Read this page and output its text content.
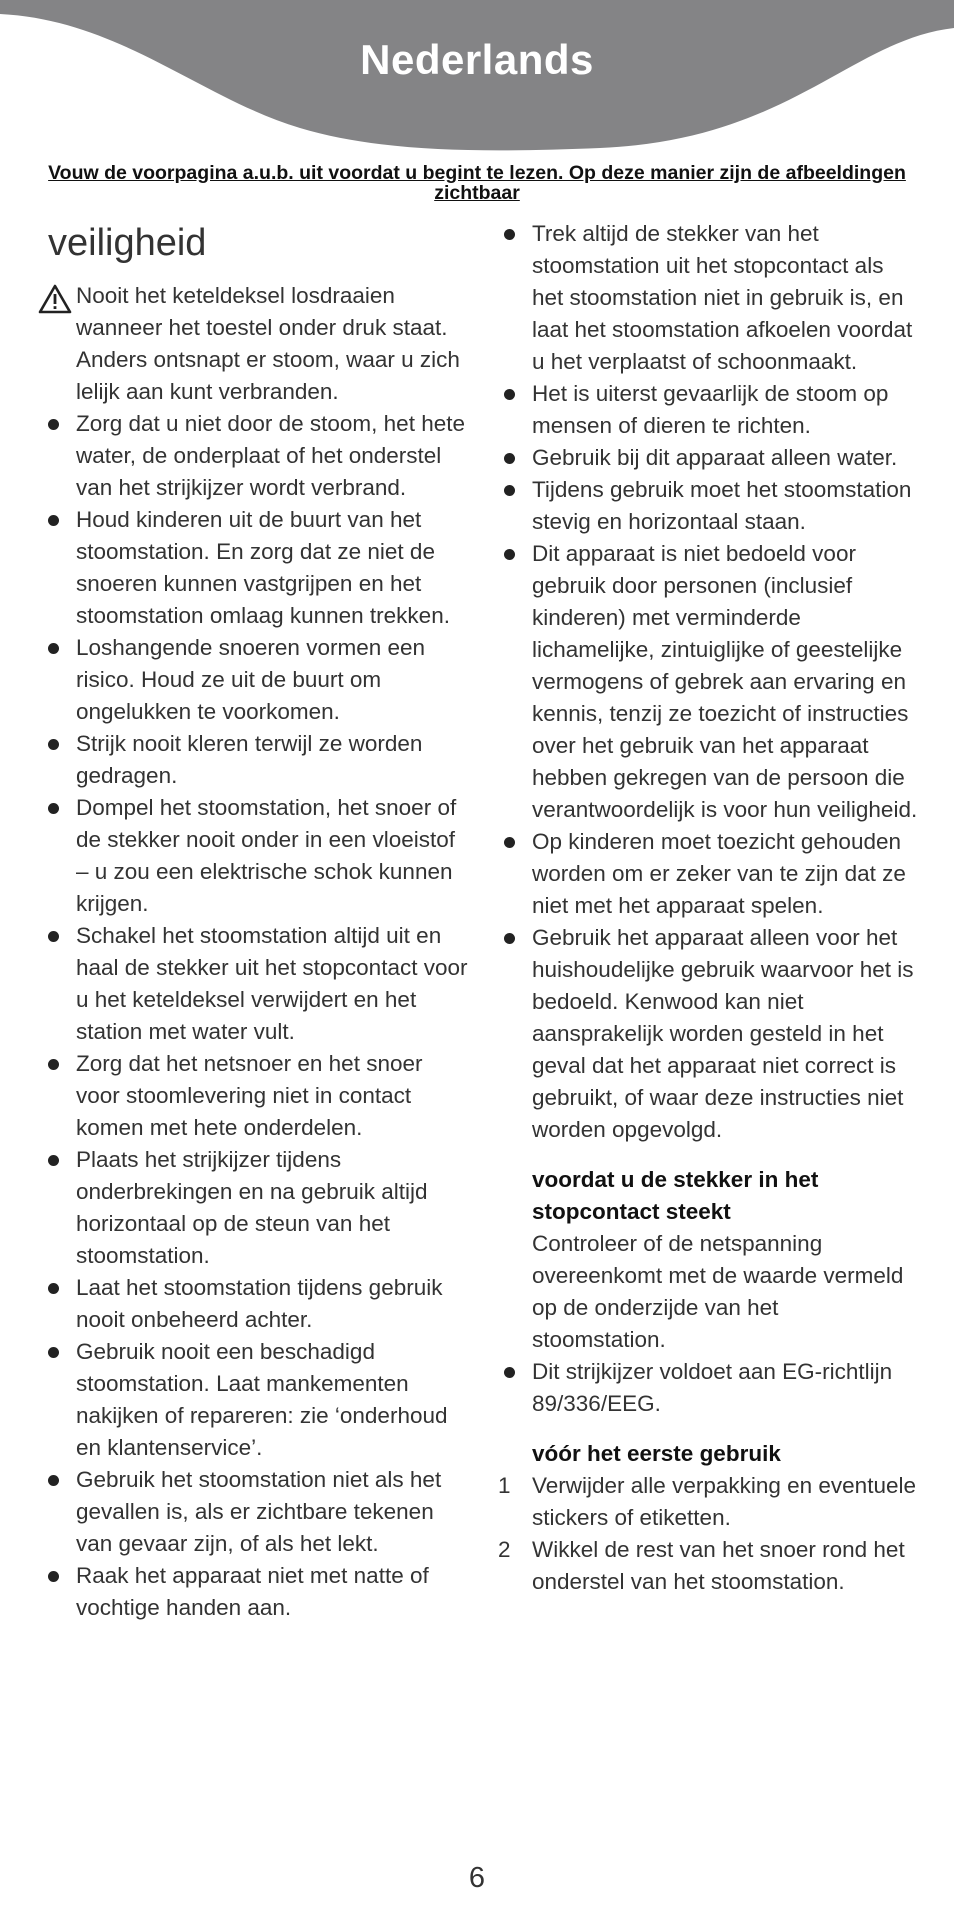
Nederlands
Vouw de voorpagina a.u.b. uit voordat u begint te lezen. Op deze manier zijn de afbeeldingen zichtbaar
veiligheid
Nooit het keteldeksel losdraaien wanneer het toestel onder druk staat. Anders ontsnapt er stoom, waar u zich lelijk aan kunt verbranden.
Zorg dat u niet door de stoom, het hete water, de onderplaat of het onderstel van het strijkijzer wordt verbrand.
Houd kinderen uit de buurt van het stoomstation. En zorg dat ze niet de snoeren kunnen vastgrijpen en het stoomstation omlaag kunnen trekken.
Loshangende snoeren vormen een risico. Houd ze uit de buurt om ongelukken te voorkomen.
Strijk nooit kleren terwijl ze worden gedragen.
Dompel het stoomstation, het snoer of de stekker nooit onder in een vloeistof – u zou een elektrische schok kunnen krijgen.
Schakel het stoomstation altijd uit en haal de stekker uit het stopcontact voor u het keteldeksel verwijdert en het station met water vult.
Zorg dat het netsnoer en het snoer voor stoomlevering niet in contact komen met hete onderdelen.
Plaats het strijkijzer tijdens onderbrekingen en na gebruik altijd horizontaal op de steun van het stoomstation.
Laat het stoomstation tijdens gebruik nooit onbeheerd achter.
Gebruik nooit een beschadigd stoomstation. Laat mankementen nakijken of repareren: zie ‘onderhoud en klantenservice’.
Gebruik het stoomstation niet als het gevallen is, als er zichtbare tekenen van gevaar zijn, of als het lekt.
Raak het apparaat niet met natte of vochtige handen aan.
Trek altijd de stekker van het stoomstation uit het stopcontact als het stoomstation niet in gebruik is, en laat het stoomstation afkoelen voordat u het verplaatst of schoonmaakt.
Het is uiterst gevaarlijk de stoom op mensen of dieren te richten.
Gebruik bij dit apparaat alleen water.
Tijdens gebruik moet het stoomstation stevig en horizontaal staan.
Dit apparaat is niet bedoeld voor gebruik door personen (inclusief kinderen) met verminderde lichamelijke, zintuiglijke of geestelijke vermogens of gebrek aan ervaring en kennis, tenzij ze toezicht of instructies over het gebruik van het apparaat hebben gekregen van de persoon die verantwoordelijk is voor hun veiligheid.
Op kinderen moet toezicht gehouden worden om er zeker van te zijn dat ze niet met het apparaat spelen.
Gebruik het apparaat alleen voor het huishoudelijke gebruik waarvoor het is bedoeld. Kenwood kan niet aansprakelijk worden gesteld in het geval dat het apparaat niet correct is gebruikt, of waar deze instructies niet worden opgevolgd.
voordat u de stekker in het stopcontact steekt
Controleer of de netspanning overeenkomt met de waarde vermeld op de onderzijde van het stoomstation.
Dit strijkijzer voldoet aan EG-richtlijn 89/336/EEG.
vóór het eerste gebruik
1 Verwijder alle verpakking en eventuele stickers of etiketten.
2 Wikkel de rest van het snoer rond het onderstel van het stoomstation.
6
